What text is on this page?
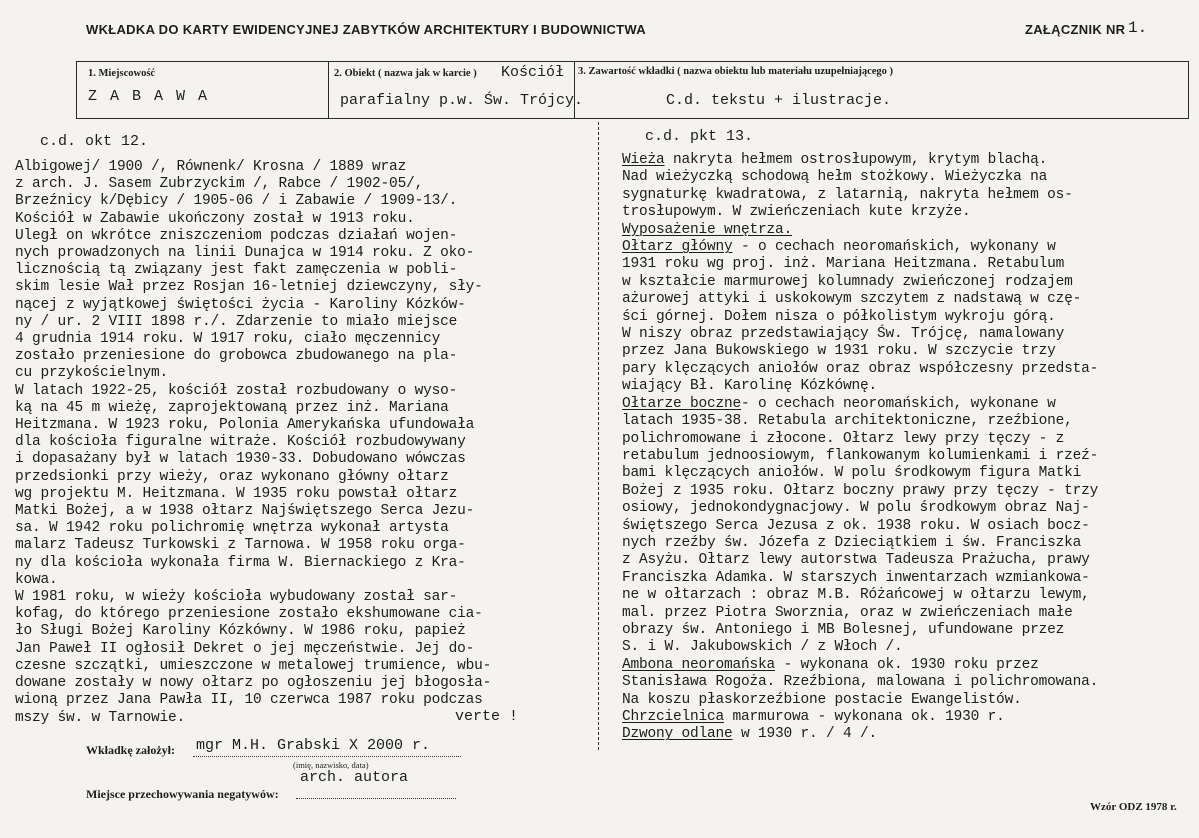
WKŁADKA DO KARTY EWIDENCYJNEJ ZABYTKÓW ARCHITEKTURY I BUDOWNICTWA	ZAŁĄCZNIK NR 1.
1. Miejscowość
Z A B A W A
2. Obiekt ( nazwa jak w karcie ) Kościół
parafialny p.w. Św. Trójcy.
3. Zawartość wkładki ( nazwa obiektu lub materiału uzupełniającego )
C.d. tekstu + ilustracje.
c.d. okt 12.
Albigowej/ 1900 /, Równenk/ Krosna / 1889 wraz
z arch. J. Sasem Zubrzyckim /, Rabce / 1902-05/,
Brzeźnicy k/Dębicy / 1905-06 / i Zabawie / 1909-13/.
Kościół w Zabawie ukończony został w 1913 roku.
Uległ on wkrótce zniszczeniom podczas działań wojen-
nych prowadzonych na linii Dunajca w 1914 roku. Z oko-
licznością tą związany jest fakt zamęczenia w pobli-
skim lesie Wał przez Rosjan 16-letniej dziewczyny, sły-
nącej z wyjątkowej świętości życia - Karoliny Kózków-
ny / ur. 2 VIII 1898 r./. Zdarzenie to miało miejsce
4 grudnia 1914 roku. W 1917 roku, ciało męczennicy
zostało przeniesione do grobowca zbudowanego na pla-
cu przykościelnym.
W latach 1922-25, kościół został rozbudowany o wyso-
ką na 45 m wieżę, zaprojektowaną przez inż. Mariana
Heitzmana. W 1923 roku, Polonia Amerykańska ufundowała
dla kościoła figuralne witraże. Kościół rozbudowywany
i dopasażany był w latach 1930-33. Dobudowano wówczas
przedsionki przy wieży, oraz wykonano główny ołtarz
wg projektu M. Heitzmana. W 1935 roku powstał ołtarz
Matki Bożej, a w 1938 ołtarz Najświętszego Serca Jezu-
sa. W 1942 roku polichromię wnętrza wykonał artysta
malarz Tadeusz Turkowski z Tarnowa. W 1958 roku orga-
ny dla kościoła wykonała firma W. Biernackiego z Kra-
kowa.
W 1981 roku, w wieży kościoła wybudowany został sar-
kofag, do którego przeniesione zostało ekshumowane cia-
ło Sługi Bożej Karoliny Kózkówny. W 1986 roku, papież
Jan Paweł II ogłosił Dekret o jej męczeństwie. Jej do-
czesne szczątki, umieszczone w metalowej trumience, wbu-
dowane zostały w nowy ołtarz po ogłoszeniu jej błogosła-
wioną przez Jana Pawła II, 10 czerwca 1987 roku podczas
mszy św. w Tarnowie.	verte !
c.d. pkt 13.
Wieża nakryta hełmem ostrosłupowym, krytym blachą.
Nad wieżyczką schodową hełm stożkowy. Wieżyczka na
sygnaturkę kwadratowa, z latarnią, nakryta hełmem os-
trosłupowym. W zwieńczeniach kute krzyże.
Wyposażenie wnętrza.
Ołtarz główny - o cechach neoromańskich, wykonany w
1931 roku wg proj. inż. Mariana Heitzmana. Retabulum
w kształcie marmurowej kolumnady zwieńczonej rodzajem
ażurowej attyki i uskokowym szczytem z nadstawą w czę-
ści górnej. Dołem nisza o półkolistym wykroju górą.
W niszy obraz przedstawiający Św. Trójcę, namalowany
przez Jana Bukowskiego w 1931 roku. W szczycie trzy
pary klęczących aniołów oraz obraz współczesny przedsta-
wiający Bł. Karolinę Kózkównę.
Ołtarze boczne- o cechach neoromańskich, wykonane w
latach 1935-38. Retabula architektoniczne, rzeźbione,
polichromowane i złocone. Ołtarz lewy przy tęczy - z
retabulum jednoosiowym, flankowanym kolumienkami i rzeź-
bami klęczących aniołów. W polu środkowym figura Matki
Bożej z 1935 roku. Ołtarz boczny prawy przy tęczy - trzy
osiowy, jednokondygnacjowy. W polu środkowym obraz Naj-
świętszego Serca Jezusa z ok. 1938 roku. W osiach bocz-
nych rzeźby św. Józefa z Dzieciątkiem i św. Franciszka
z Asyżu. Ołtarz lewy autorstwa Tadeusza Prażucha, prawy
Franciszka Adamka. W starszych inwentarzach wzmiankowa-
ne w ołtarzach : obraz M.B. Różańcowej w ołtarzu lewym,
mal. przez Piotra Sworznia, oraz w zwieńczeniach małe
obrazy św. Antoniego i MB Bolesnej, ufundowane przez
S. i W. Jakubowskich / z Włoch /.
Ambona neoromańska - wykonana ok. 1930 roku przez
Stanisława Rogoża. Rzeźbiona, malowana i polichromowana.
Na koszu płaskorzeźbione postacie Ewangelistów.
Chrzcielnica marmurowa - wykonana ok. 1930 r.
Dzwony odlane w 1930 r. / 4 /.
Wkładkę założył: mgr M.H. Grabski X 2000 r.
(imię, nazwisko, data)
arch. autora
Miejsce przechowywania negatywów:
Wzór ODZ 1978 r.
